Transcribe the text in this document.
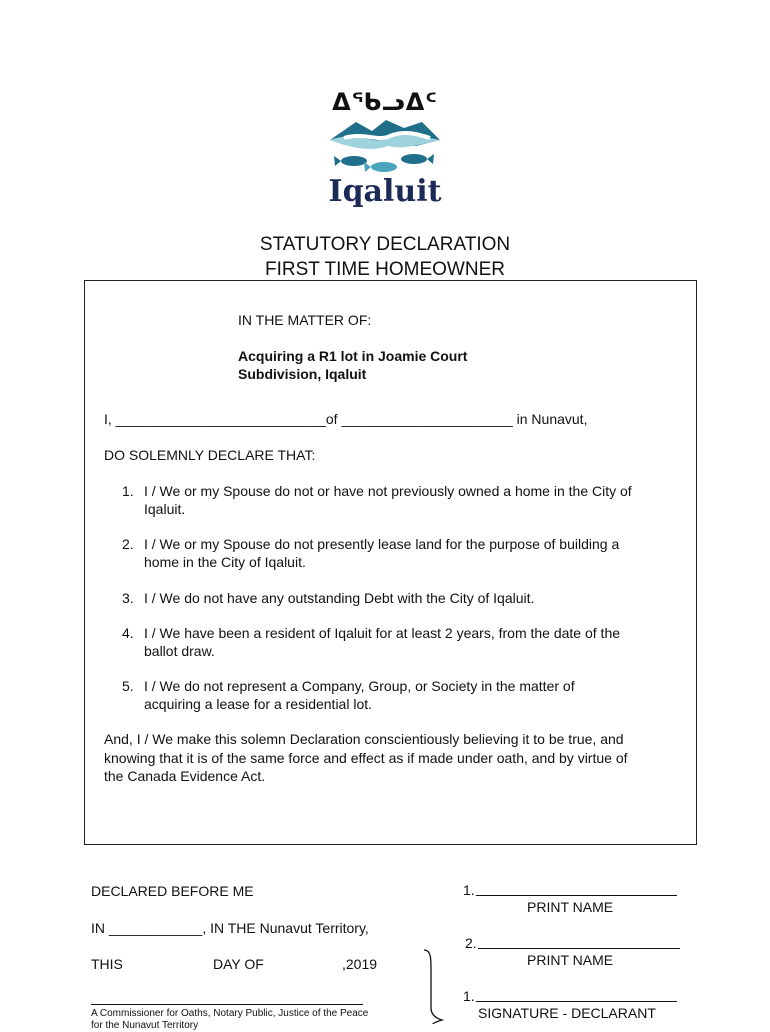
ᐃᖃᓗᐃᑦ
Iqaluit
STATUTORY DECLARATION
FIRST TIME HOMEOWNER
IN THE MATTER OF:
Acquiring a R1 lot in Joamie Court
Subdivision, Iqaluit
I, ___________________________of ______________________ in Nunavut,
DO SOLEMNLY DECLARE THAT:
1. I / We or my Spouse do not or have not previously owned a home in the City of
Iqaluit.
2. I / We or my Spouse do not presently lease land for the purpose of building a
home in the City of Iqaluit.
3. I / We do not have any outstanding Debt with the City of Iqaluit.
4. I / We have been a resident of Iqaluit for at least 2 years, from the date of the
ballot draw.
5. I / We do not represent a Company, Group, or Society in the matter of
acquiring a lease for a residential lot.
And, I / We make this solemn Declaration conscientiously believing it to be true, and
knowing that it is of the same force and effect as if made under oath, and by virtue of
the Canada Evidence Act.
DECLARED BEFORE ME
IN ____________, IN THE Nunavut Territory,
THIS	DAY OF	,2019
A Commissioner for Oaths, Notary Public, Justice of the Peace
for the Nunavut Territory
1.
PRINT NAME
2.
PRINT NAME
1.
SIGNATURE - DECLARANT
